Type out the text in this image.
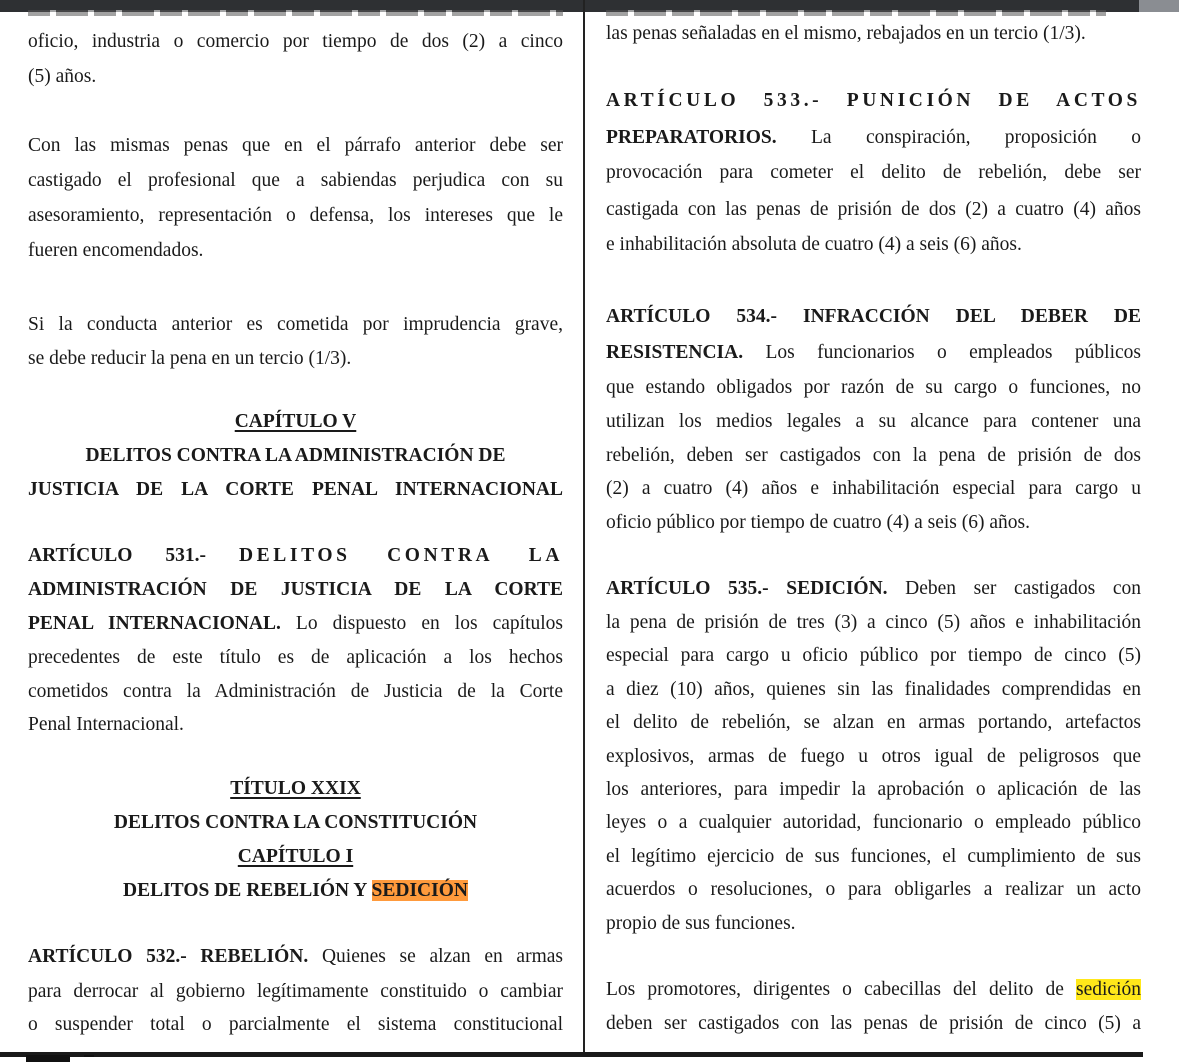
oficio, industria o comercio por tiempo de dos (2) a cinco
(5) años.
Con las mismas penas que en el párrafo anterior debe ser
castigado el profesional que a sabiendas perjudica con su
asesoramiento, representación o defensa, los intereses que le
fueren encomendados.
Si la conducta anterior es cometida por imprudencia grave,
se debe reducir la pena en un tercio (1/3).
CAPÍTULO V
DELITOS CONTRA LA ADMINISTRACIÓN DE
JUSTICIA DE LA CORTE PENAL INTERNACIONAL
ARTÍCULO 531.- DELITOS CONTRA LA
ADMINISTRACIÓN DE JUSTICIA DE LA CORTE
PENAL INTERNACIONAL. Lo dispuesto en los capítulos
precedentes de este título es de aplicación a los hechos
cometidos contra la Administración de Justicia de la Corte
Penal Internacional.
TÍTULO XXIX
DELITOS CONTRA LA CONSTITUCIÓN
CAPÍTULO I
DELITOS DE REBELIÓN Y SEDICIÓN
ARTÍCULO 532.- REBELIÓN. Quienes se alzan en armas
para derrocar al gobierno legítimamente constituido o cambiar
o suspender total o parcialmente el sistema constitucional
las penas señaladas en el mismo, rebajados en un tercio (1/3).
ARTÍCULO 533.- PUNICIÓN DE ACTOS
PREPARATORIOS. La conspiración, proposición o
provocación para cometer el delito de rebelión, debe ser
castigada con las penas de prisión de dos (2) a cuatro (4) años
e inhabilitación absoluta de cuatro (4) a seis (6) años.
ARTÍCULO 534.- INFRACCIÓN DEL DEBER DE
RESISTENCIA. Los funcionarios o empleados públicos
que estando obligados por razón de su cargo o funciones, no
utilizan los medios legales a su alcance para contener una
rebelión, deben ser castigados con la pena de prisión de dos
(2) a cuatro (4) años e inhabilitación especial para cargo u
oficio público por tiempo de cuatro (4) a seis (6) años.
ARTÍCULO 535.- SEDICIÓN. Deben ser castigados con
la pena de prisión de tres (3) a cinco (5) años e inhabilitación
especial para cargo u oficio público por tiempo de cinco (5)
a diez (10) años, quienes sin las finalidades comprendidas en
el delito de rebelión, se alzan en armas portando, artefactos
explosivos, armas de fuego u otros igual de peligrosos que
los anteriores, para impedir la aprobación o aplicación de las
leyes o a cualquier autoridad, funcionario o empleado público
el legítimo ejercicio de sus funciones, el cumplimiento de sus
acuerdos o resoluciones, o para obligarles a realizar un acto
propio de sus funciones.
Los promotores, dirigentes o cabecillas del delito de sedición
deben ser castigados con las penas de prisión de cinco (5) a
